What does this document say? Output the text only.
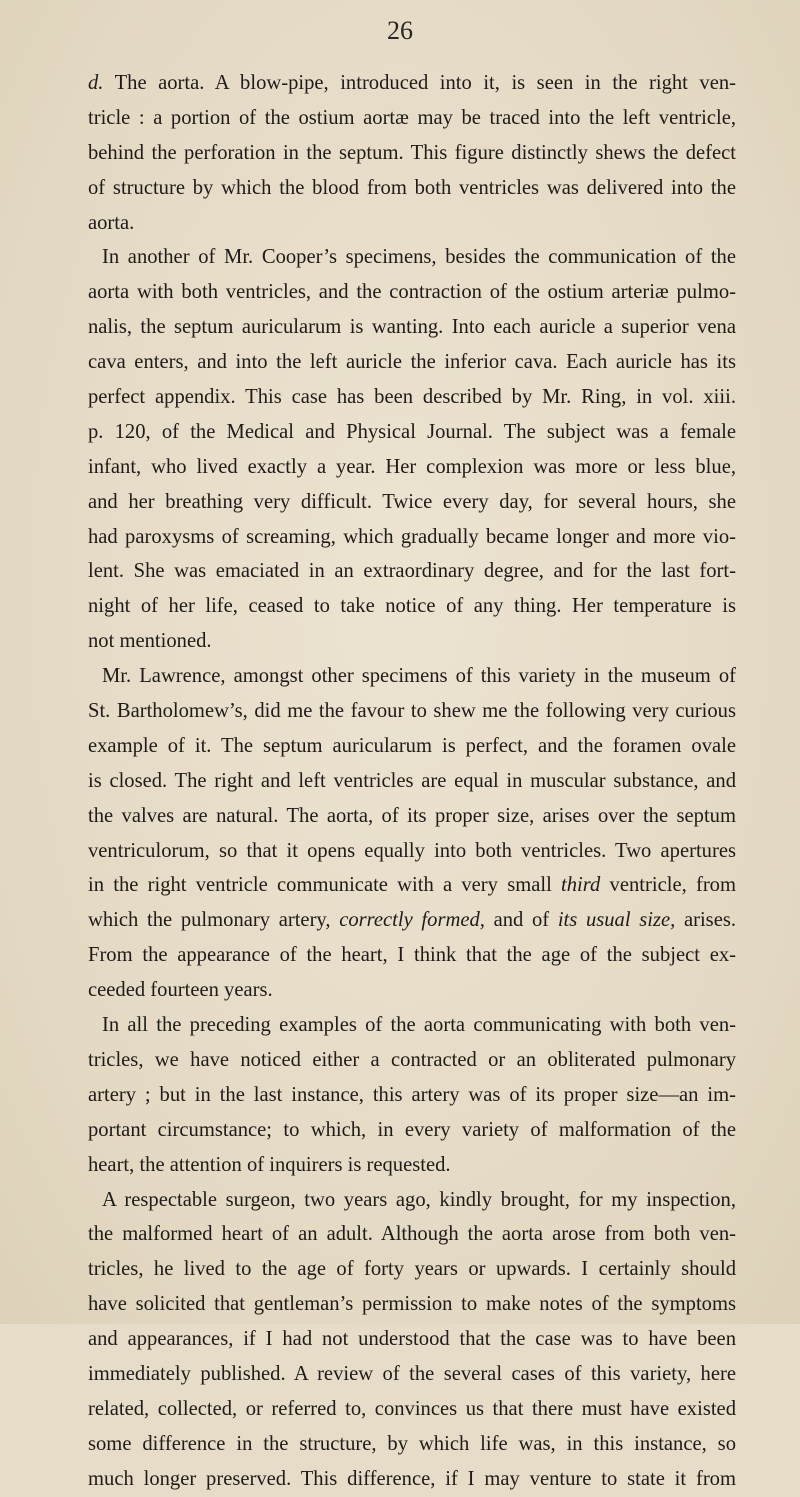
26
d. The aorta. A blow-pipe, introduced into it, is seen in the right ven-
tricle : a portion of the ostium aortæ may be traced into the left ventricle,
behind the perforation in the septum. This figure distinctly shews the defect
of structure by which the blood from both ventricles was delivered into the
aorta.
In another of Mr. Cooper’s specimens, besides the communication of the
aorta with both ventricles, and the contraction of the ostium arteriæ pulmo-
nalis, the septum auricularum is wanting. Into each auricle a superior vena
cava enters, and into the left auricle the inferior cava. Each auricle has its
perfect appendix. This case has been described by Mr. Ring, in vol. xiii.
p. 120, of the Medical and Physical Journal. The subject was a female
infant, who lived exactly a year. Her complexion was more or less blue,
and her breathing very difficult. Twice every day, for several hours, she
had paroxysms of screaming, which gradually became longer and more vio-
lent. She was emaciated in an extraordinary degree, and for the last fort-
night of her life, ceased to take notice of any thing. Her temperature is
not mentioned.
Mr. Lawrence, amongst other specimens of this variety in the museum of
St. Bartholomew’s, did me the favour to shew me the following very curious
example of it. The septum auricularum is perfect, and the foramen ovale
is closed. The right and left ventricles are equal in muscular substance, and
the valves are natural. The aorta, of its proper size, arises over the septum
ventriculorum, so that it opens equally into both ventricles. Two apertures
in the right ventricle communicate with a very small third ventricle, from
which the pulmonary artery, correctly formed, and of its usual size, arises.
From the appearance of the heart, I think that the age of the subject ex-
ceeded fourteen years.
In all the preceding examples of the aorta communicating with both ven-
tricles, we have noticed either a contracted or an obliterated pulmonary
artery ; but in the last instance, this artery was of its proper size—an im-
portant circumstance; to which, in every variety of malformation of the
heart, the attention of inquirers is requested.
A respectable surgeon, two years ago, kindly brought, for my inspection,
the malformed heart of an adult. Although the aorta arose from both ven-
tricles, he lived to the age of forty years or upwards. I certainly should
have solicited that gentleman’s permission to make notes of the symptoms
and appearances, if I had not understood that the case was to have been
immediately published. A review of the several cases of this variety, here
related, collected, or referred to, convinces us that there must have existed
some difference in the structure, by which life was, in this instance, so
much longer preserved. This difference, if I may venture to state it from
